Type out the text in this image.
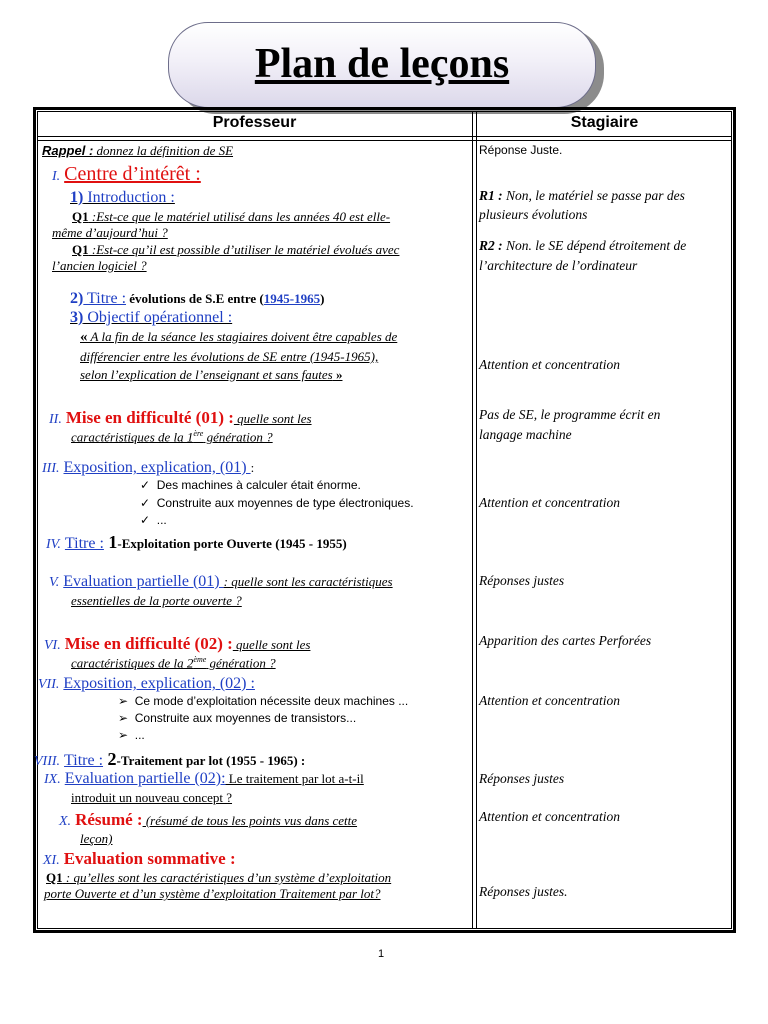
Plan de leçons
Professeur	Stagiaire
Rappel : donnez la définition de SE
I. Centre d’intérêt :
1) Introduction :
Q1 :Est-ce que le matériel utilisé dans les années 40 est elle-
même d’aujourd’hui ?
Q1 :Est-ce qu’il est possible d’utiliser le matériel évolués avec
l’ancien logiciel ?
2) Titre : évolutions de S.E entre (1945-1965)
3) Objectif opérationnel :
« A la fin de la séance les stagiaires doivent être capables de
différencier entre les évolutions de SE entre (1945-1965),
selon l’explication de l’enseignant et sans fautes »
II. Mise en difficulté (01) : quelle sont les
caractéristiques de la 1ère génération ?
III. Exposition, explication, (01) :
✓  Des machines à calculer était énorme.
✓  Construite aux moyennes de type électroniques.
✓  ...
IV. Titre : 1-Exploitation porte Ouverte (1945 - 1955)
V. Evaluation partielle (01) : quelle sont les caractéristiques
essentielles de la porte ouverte ?
VI. Mise en difficulté (02) : quelle sont les
caractéristiques de la 2ème génération ?
VII. Exposition, explication, (02) :
➢  Ce mode d’exploitation nécessite deux machines ...
➢  Construite aux moyennes de transistors...
➢  ...
VIII. Titre : 2-Traitement par lot (1955 - 1965) :
IX. Evaluation partielle (02): Le traitement par lot a-t-il
introduit un nouveau concept ?
X. Résumé : (résumé de tous les points vus dans cette
leçon)
XI. Evaluation sommative :
Q1 : qu’elles sont les caractéristiques d’un système d’exploitation
porte Ouverte et d’un système d’exploitation Traitement par lot?
Réponse Juste.
R1 : Non, le matériel se passe par des
plusieurs évolutions
R2 : Non. le SE dépend étroitement de
l’architecture de l’ordinateur
Attention et concentration
Pas de SE, le programme écrit en
langage machine
Attention et concentration
Réponses justes
Apparition des cartes Perforées
Attention et concentration
Réponses justes
Attention et concentration
Réponses justes.
1
